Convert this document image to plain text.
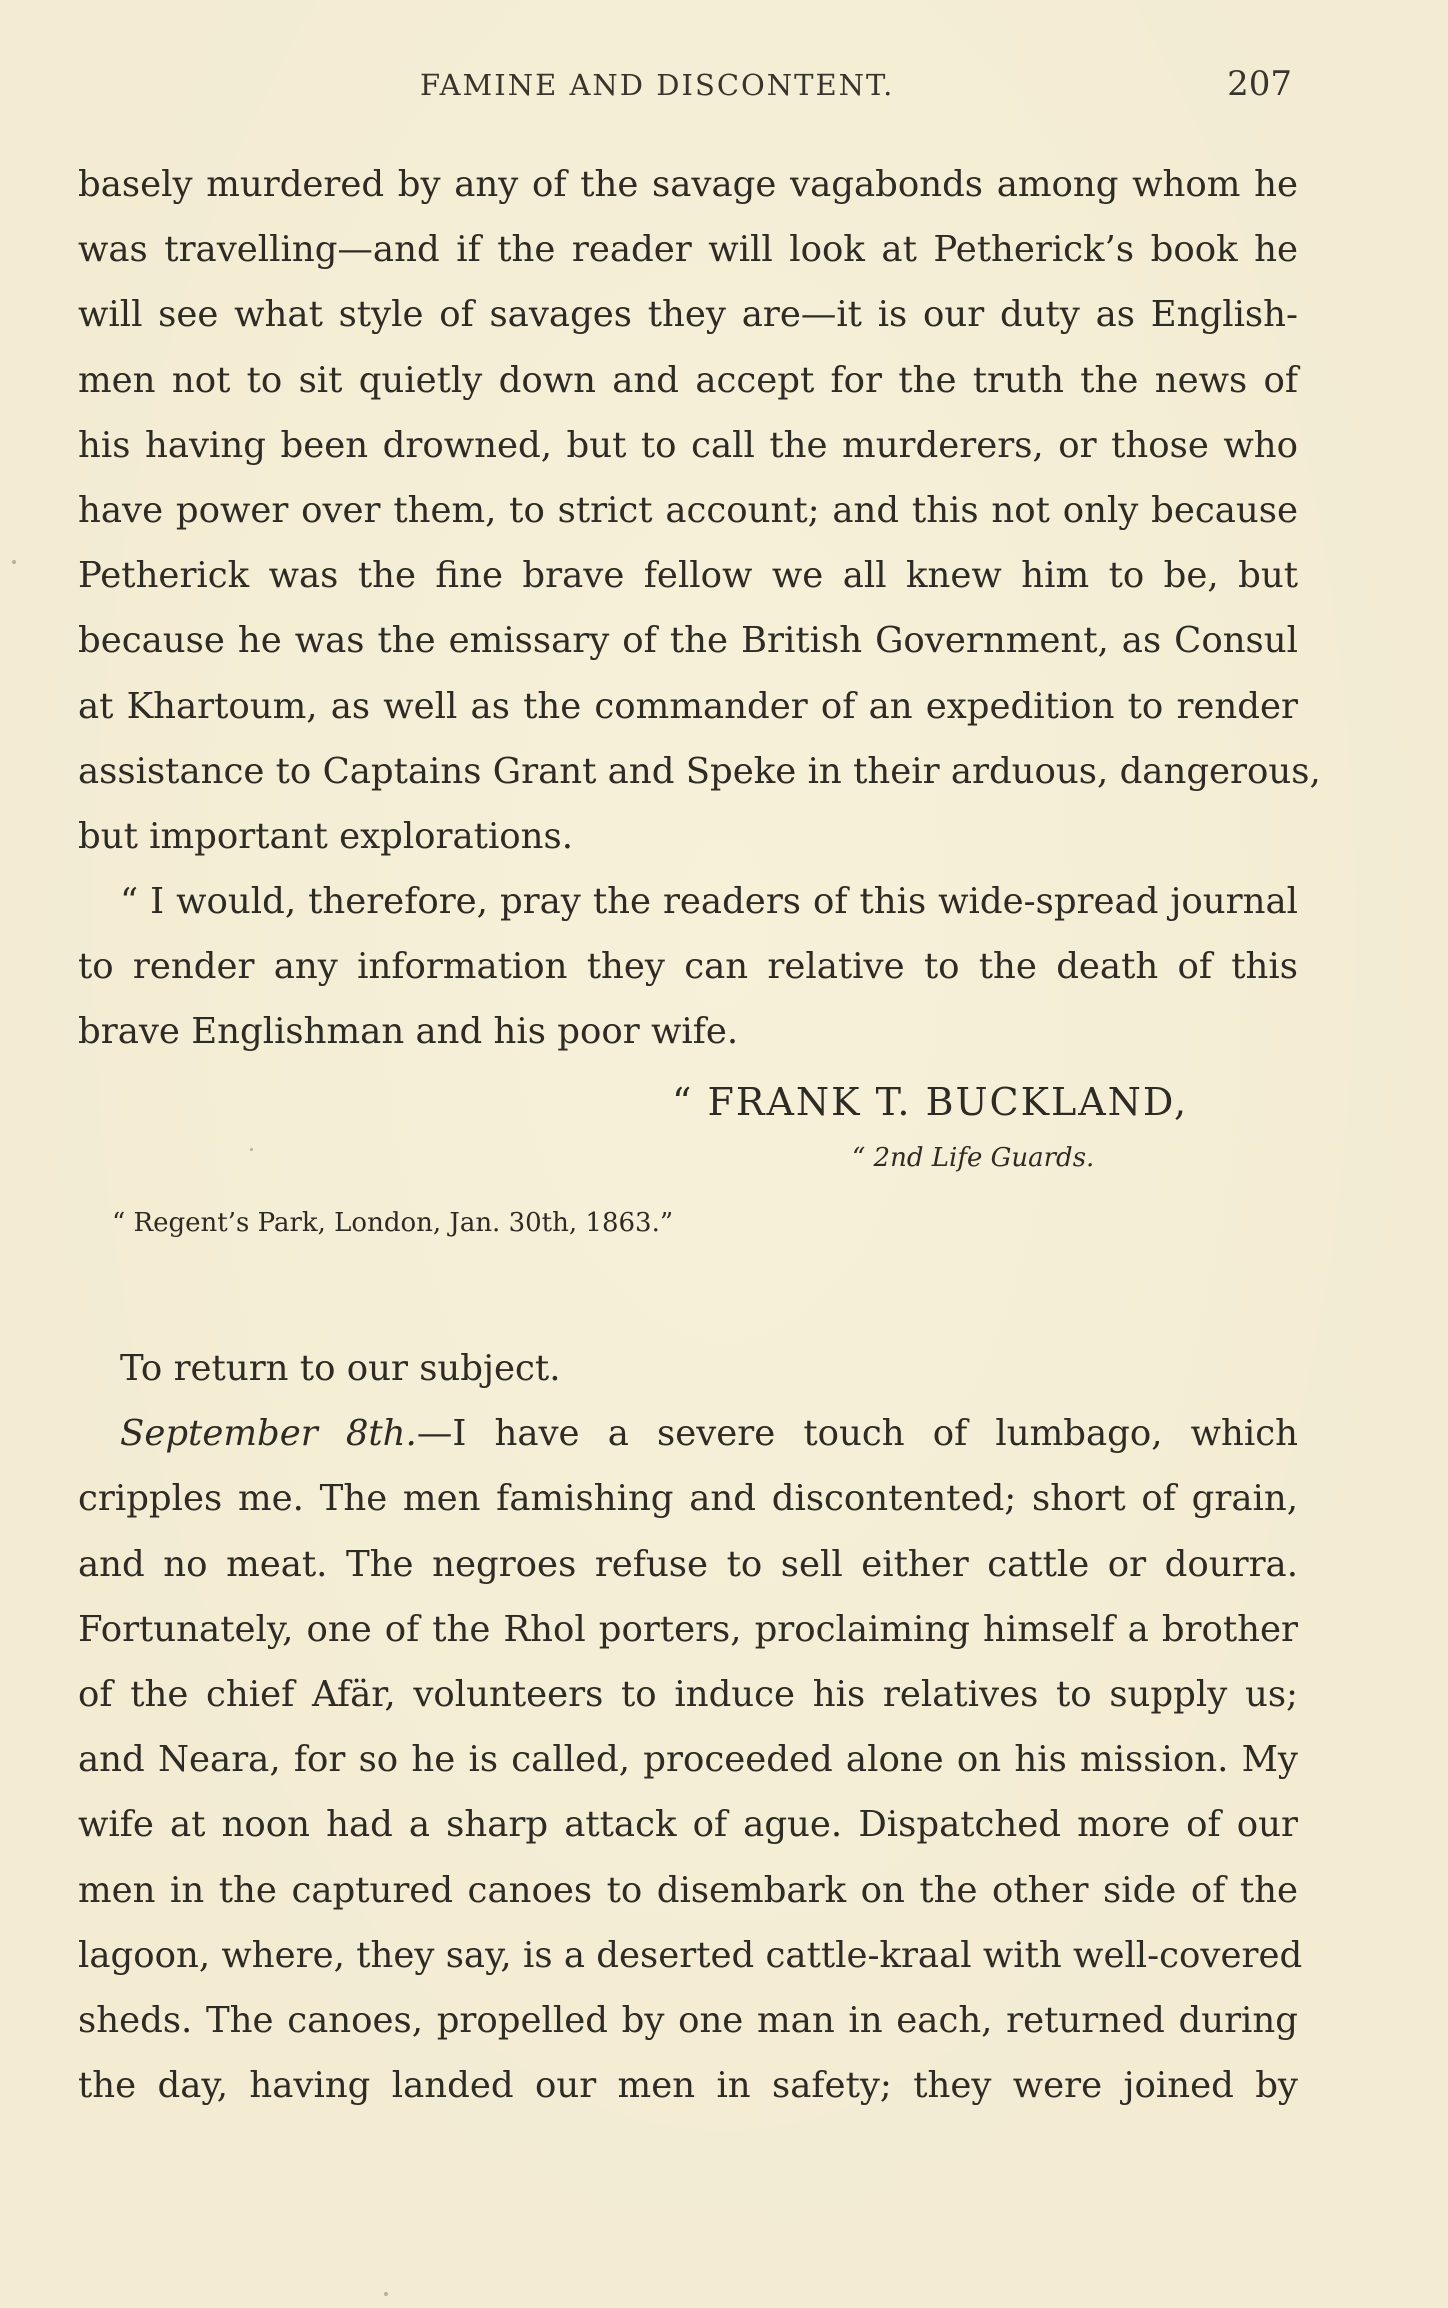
FAMINE AND DISCONTENT.	207
basely murdered by any of the savage vagabonds among whom he
was travelling—and if the reader will look at Petherick’s book he
will see what style of savages they are—it is our duty as English-
men not to sit quietly down and accept for the truth the news of
his having been drowned, but to call the murderers, or those who
have power over them, to strict account; and this not only because
Petherick was the fine brave fellow we all knew him to be, but
because he was the emissary of the British Government, as Consul
at Khartoum, as well as the commander of an expedition to render
assistance to Captains Grant and Speke in their arduous, dangerous,
but important explorations.
“ I would, therefore, pray the readers of this wide-spread journal
to render any information they can relative to the death of this
brave Englishman and his poor wife.
“ FRANK T. BUCKLAND,
“ 2nd Life Guards.
“ Regent’s Park, London, Jan. 30th, 1863.”
To return to our subject.
September 8th.—I have a severe touch of lumbago, which
cripples me. The men famishing and discontented; short of grain,
and no meat. The negroes refuse to sell either cattle or dourra.
Fortunately, one of the Rhol porters, proclaiming himself a brother
of the chief Afär, volunteers to induce his relatives to supply us;
and Neara, for so he is called, proceeded alone on his mission. My
wife at noon had a sharp attack of ague. Dispatched more of our
men in the captured canoes to disembark on the other side of the
lagoon, where, they say, is a deserted cattle-kraal with well-covered
sheds. The canoes, propelled by one man in each, returned during
the day, having landed our men in safety; they were joined by
